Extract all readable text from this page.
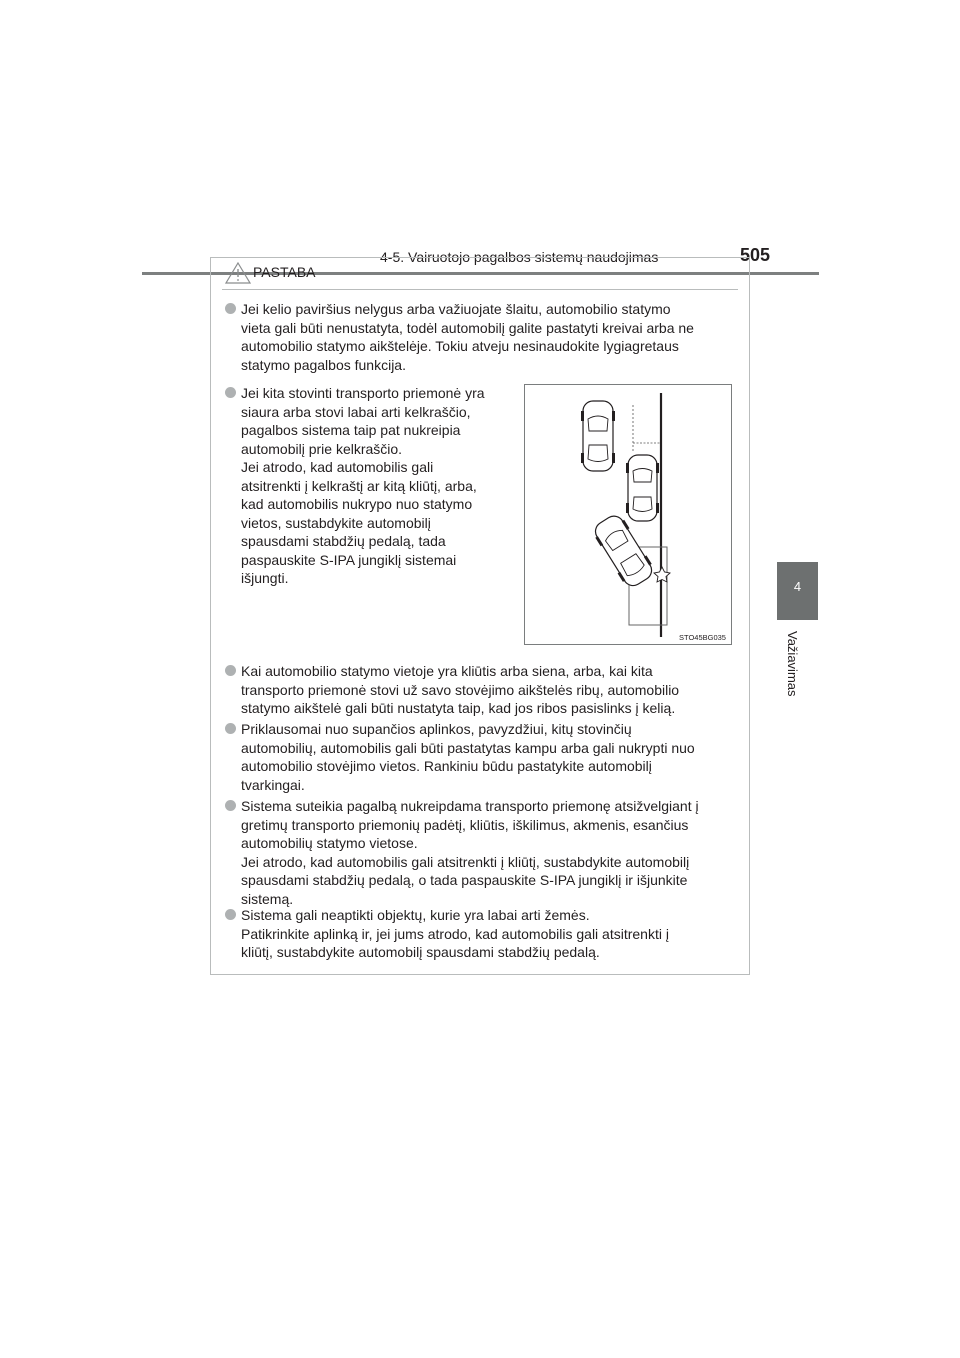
4-5. Vairuotojo pagalbos sistemų naudojimas	505
4
Važiavimas
PASTABA

Jei kelio paviršius nelygus arba važiuojate šlaitu, automobilio statymo

vieta gali būti nenustatyta, todėl automobilį galite pastatyti kreivai arba ne

automobilio statymo aikštelėje. Tokiu atveju nesinaudokite lygiagretaus

statymo pagalbos funkcija.

Jei kita stovinti transporto priemonė yra

siaura arba stovi labai arti kelkraščio,

pagalbos sistema taip pat nukreipia

automobilį prie kelkraščio.

Jei atrodo, kad automobilis gali

atsitrenkti į kelkraštį ar kitą kliūtį, arba,

kad automobilis nukrypo nuo statymo

vietos, sustabdykite automobilį

spausdami stabdžių pedalą, tada

paspauskite S-IPA jungiklį sistemai

išjungti.

STO45BG035

Kai automobilio statymo vietoje yra kliūtis arba siena, arba, kai kita

transporto priemonė stovi už savo stovėjimo aikštelės ribų, automobilio

statymo aikštelė gali būti nustatyta taip, kad jos ribos pasislinks į kelią.

Priklausomai nuo supančios aplinkos, pavyzdžiui, kitų stovinčių

automobilių, automobilis gali būti pastatytas kampu arba gali nukrypti nuo

automobilio stovėjimo vietos. Rankiniu būdu pastatykite automobilį

tvarkingai.

Sistema suteikia pagalbą nukreipdama transporto priemonę atsižvelgiant į

gretimų transporto priemonių padėtį, kliūtis, iškilimus, akmenis, esančius

automobilių statymo vietose.

Jei atrodo, kad automobilis gali atsitrenkti į kliūtį, sustabdykite automobilį

spausdami stabdžių pedalą, o tada paspauskite S-IPA jungiklį ir išjunkite

sistemą.

Sistema gali neaptikti objektų, kurie yra labai arti žemės.

Patikrinkite aplinką ir, jei jums atrodo, kad automobilis gali atsitrenkti į

kliūtį, sustabdykite automobilį spausdami stabdžių pedalą.
